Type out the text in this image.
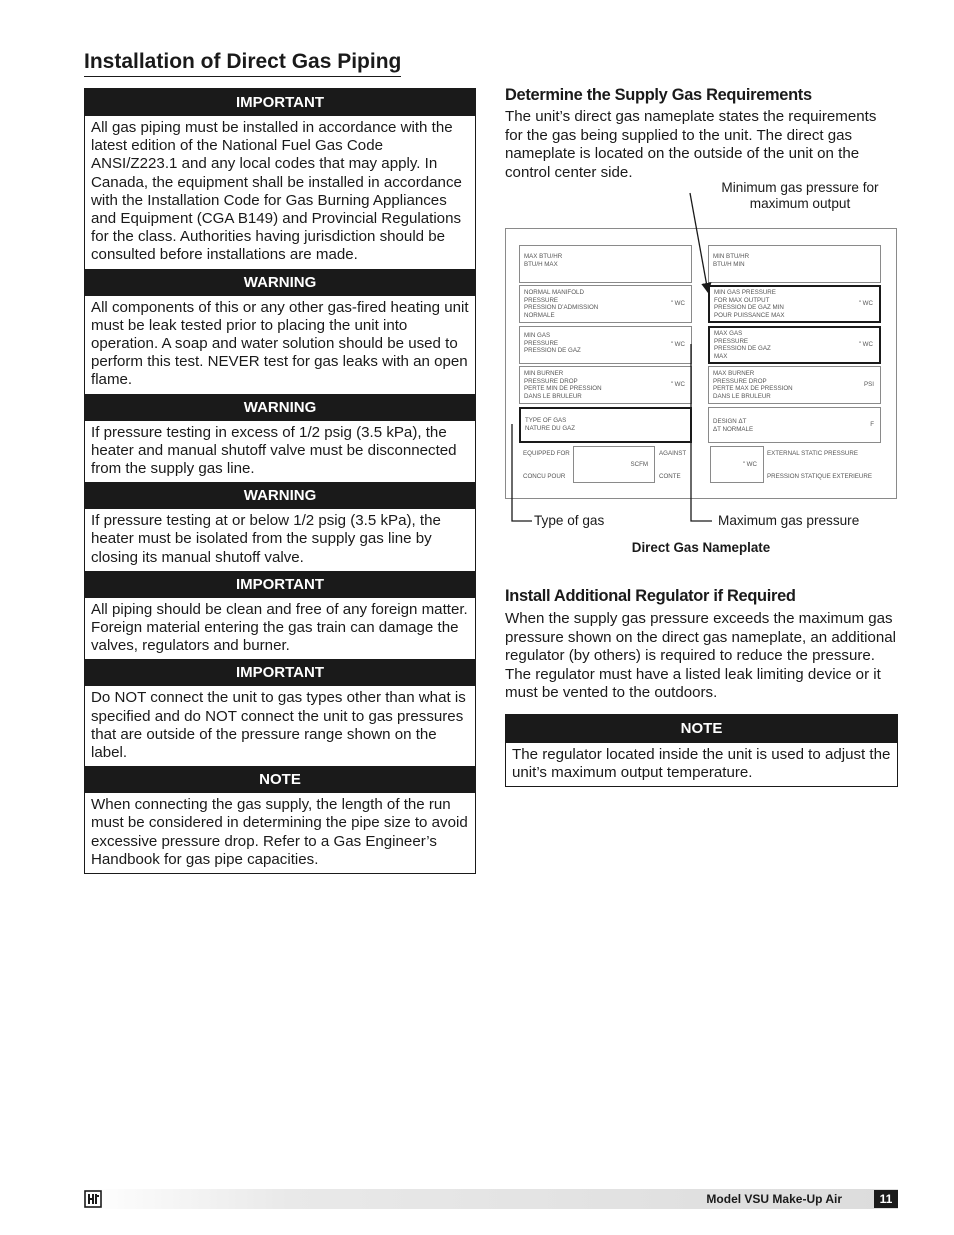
Installation of Direct Gas Piping
IMPORTANT
All gas piping must be installed in accordance with the latest edition of the National Fuel Gas Code ANSI/Z223.1 and any local codes that may apply. In Canada, the equipment shall be installed in accordance with the Installation Code for Gas Burning Appliances and Equipment (CGA B149) and Provincial Regulations for the class. Authorities having jurisdiction should be consulted before installations are made.
WARNING
All components of this or any other gas-fired heating unit must be leak tested prior to placing the unit into operation. A soap and water solution should be used to perform this test. NEVER test for gas leaks with an open flame.
WARNING
If pressure testing in excess of 1/2 psig (3.5 kPa), the heater and manual shutoff valve must be disconnected from the supply gas line.
WARNING
If pressure testing at or below 1/2 psig (3.5 kPa), the heater must be isolated from the supply gas line by closing its manual shutoff valve.
IMPORTANT
All piping should be clean and free of any foreign matter. Foreign material entering the gas train can damage the valves, regulators and burner.
IMPORTANT
Do NOT connect the unit to gas types other than what is specified and do NOT connect the unit to gas pressures that are outside of the pressure range shown on the label.
NOTE
When connecting the gas supply, the length of the run must be considered in determining the pipe size to avoid excessive pressure drop. Refer to a Gas Engineer’s Handbook for gas pipe capacities.
Determine the Supply Gas Requirements

The unit’s direct gas nameplate states the requirements for the gas being supplied to the unit. The direct gas nameplate is located on the outside of the unit on the control center side.

Minimum gas pressure for maximum output
MAX BTU/HR
BTU/H MAX
NORMAL MANIFOLD
PRESSURE
PRESSION D’ADMISSION
NORMALE
" WC
MIN GAS
PRESSURE
PRESSION DE GAZ
" WC
MIN BURNER
PRESSURE DROP
PERTE MIN DE PRESSION
DANS LE BRULEUR
" WC
TYPE OF GAS
NATURE DU GAZ
MIN BTU/HR
BTU/H MIN
MIN GAS PRESSURE
FOR MAX OUTPUT
PRESSION DE GAZ MIN
POUR PUISSANCE MAX
" WC
MAX GAS
PRESSURE
PRESSION DE GAZ
MAX
" WC
MAX BURNER
PRESSURE DROP
PERTE MAX DE PRESSION
DANS LE BRULEUR
PSI
DESIGN ΔT
ΔT NORMALE
F
EQUIPPED FOR
CONCU POUR
SCFM
AGAINST
CONTE
" WC
EXTERNAL STATIC PRESSURE
PRESSION STATIQUE EXTERIEURE
Type of gas	Maximum gas pressure
Direct Gas Nameplate
Install Additional Regulator if Required

When the supply gas pressure exceeds the maximum gas pressure shown on the direct gas nameplate, an additional regulator (by others) is required to reduce the pressure. The regulator must have a listed leak limiting device or it must be vented to the outdoors.

NOTE
The regulator located inside the unit is used to adjust the unit’s maximum output temperature.
Model VSU Make-Up Air	11
